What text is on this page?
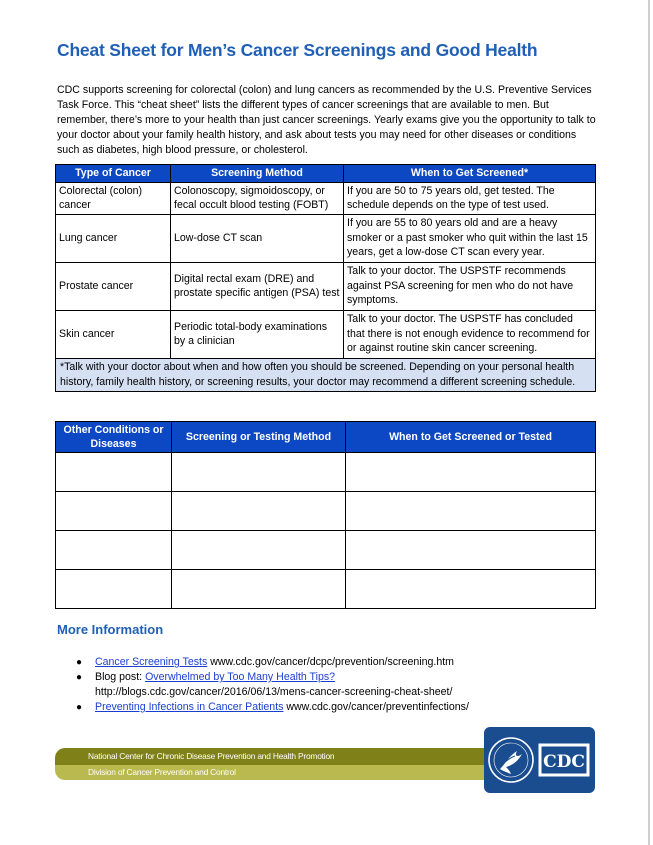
Cheat Sheet for Men’s Cancer Screenings and Good Health

CDC supports screening for colorectal (colon) and lung cancers as recommended by the U.S. Preventive Services Task Force. This “cheat sheet” lists the different types of cancer screenings that are available to men. But remember, there’s more to your health than just cancer screenings. Yearly exams give you the opportunity to talk to your doctor about your family health history, and ask about tests you may need for other diseases or conditions such as diabetes, high blood pressure, or cholesterol.

Type of Cancer	Screening Method	When to Get Screened*
Colorectal (colon) cancer	Colonoscopy, sigmoidoscopy, or fecal occult blood testing (FOBT)	If you are 50 to 75 years old, get tested. The schedule depends on the type of test used.
Lung cancer	Low-dose CT scan	If you are 55 to 80 years old and are a heavy smoker or a past smoker who quit within the last 15 years, get a low-dose CT scan every year.
Prostate cancer	Digital rectal exam (DRE) and prostate specific antigen (PSA) test	Talk to your doctor. The USPSTF recommends against PSA screening for men who do not have symptoms.
Skin cancer	Periodic total-body examinations by a clinician	Talk to your doctor. The USPSTF has concluded that there is not enough evidence to recommend for or against routine skin cancer screening.
*Talk with your doctor about when and how often you should be screened. Depending on your personal health history, family health history, or screening results, your doctor may recommend a different screening schedule.		
Other Conditions or Diseases	Screening or Testing Method	When to Get Screened or Tested

More Information
● Cancer Screening Tests www.cdc.gov/cancer/dcpc/prevention/screening.htm
● Blog post: Overwhelmed by Too Many Health Tips?
http://blogs.cdc.gov/cancer/2016/06/13/mens-cancer-screening-cheat-sheet/
● Preventing Infections in Cancer Patients www.cdc.gov/cancer/preventinfections/
National Center for Chronic Disease Prevention and Health Promotion
Division of Cancer Prevention and Control	CDC
